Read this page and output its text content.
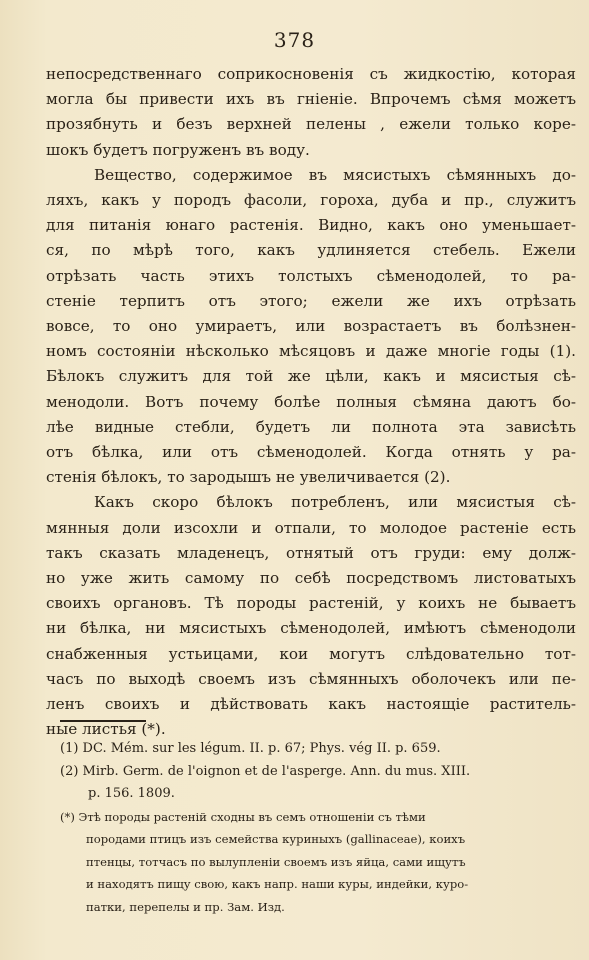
378
непосредственнаго соприкосновенія съ жидкостію, которая
могла бы привести ихъ въ гніеніе. Впрочемъ сѣмя можетъ
прозябнуть и безъ верхней пелены , ежели только коре-
шокъ будетъ погруженъ въ воду.
Вещество, содержимое въ мясистыхъ сѣмянныхъ до-
ляхъ, какъ у породъ фасоли, гороха, дуба и пр., служитъ
для питанія юнаго растенія. Видно, какъ оно уменьшает-
ся, по мѣрѣ того, какъ удлиняется стебель. Ежели
отрѣзать часть этихъ толстыхъ сѣменодолей, то ра-
стеніе терпитъ отъ этого; ежели же ихъ отрѣзать
вовсе, то оно умираетъ, или возрастаетъ въ болѣзнен-
номъ состояніи нѣсколько мѣсяцовъ и даже многіе годы (1).
Бѣлокъ служитъ для той же цѣли, какъ и мясистыя сѣ-
менодоли. Вотъ почему болѣе полныя сѣмяна даютъ бо-
лѣе видные стебли, будетъ ли полнота эта зависѣть
отъ бѣлка, или отъ сѣменодолей. Когда отнять у ра-
стенія бѣлокъ, то зародышъ не увеличивается (2).
Какъ скоро бѣлокъ потребленъ, или мясистыя сѣ-
мянныя доли изсохли и отпали, то молодое растеніе есть
такъ сказать младенецъ, отнятый отъ груди: ему долж-
но уже жить самому по себѣ посредствомъ листоватыхъ
своихъ органовъ. Тѣ породы растеній, у коихъ не бываетъ
ни бѣлка, ни мясистыхъ сѣменодолей, имѣютъ сѣменодоли
снабженныя устьицами, кои могутъ слѣдовательно тот-
часъ по выходѣ своемъ изъ сѣмянныхъ оболочекъ или пе-
ленъ своихъ и дѣйствовать какъ настоящіе раститель-
ные листья (*).
(1) DC. Mém. sur les légum. II. p. 67; Phys. vég II. p. 659.
(2) Mirb. Germ. de l'oignon et de l'asperge. Ann. du mus. XIII.
p. 156. 1809.
(*) Этѣ породы растеній сходны въ семъ отношеніи съ тѣми
породами птицъ изъ семейства куриныхъ (gallinaceae), коихъ
птенцы, тотчасъ по вылупленіи своемъ изъ яйца, сами ищутъ
и находятъ пищу свою, какъ напр. наши куры, индейки, куро-
патки, перепелы и пр. Зам. Изд.
